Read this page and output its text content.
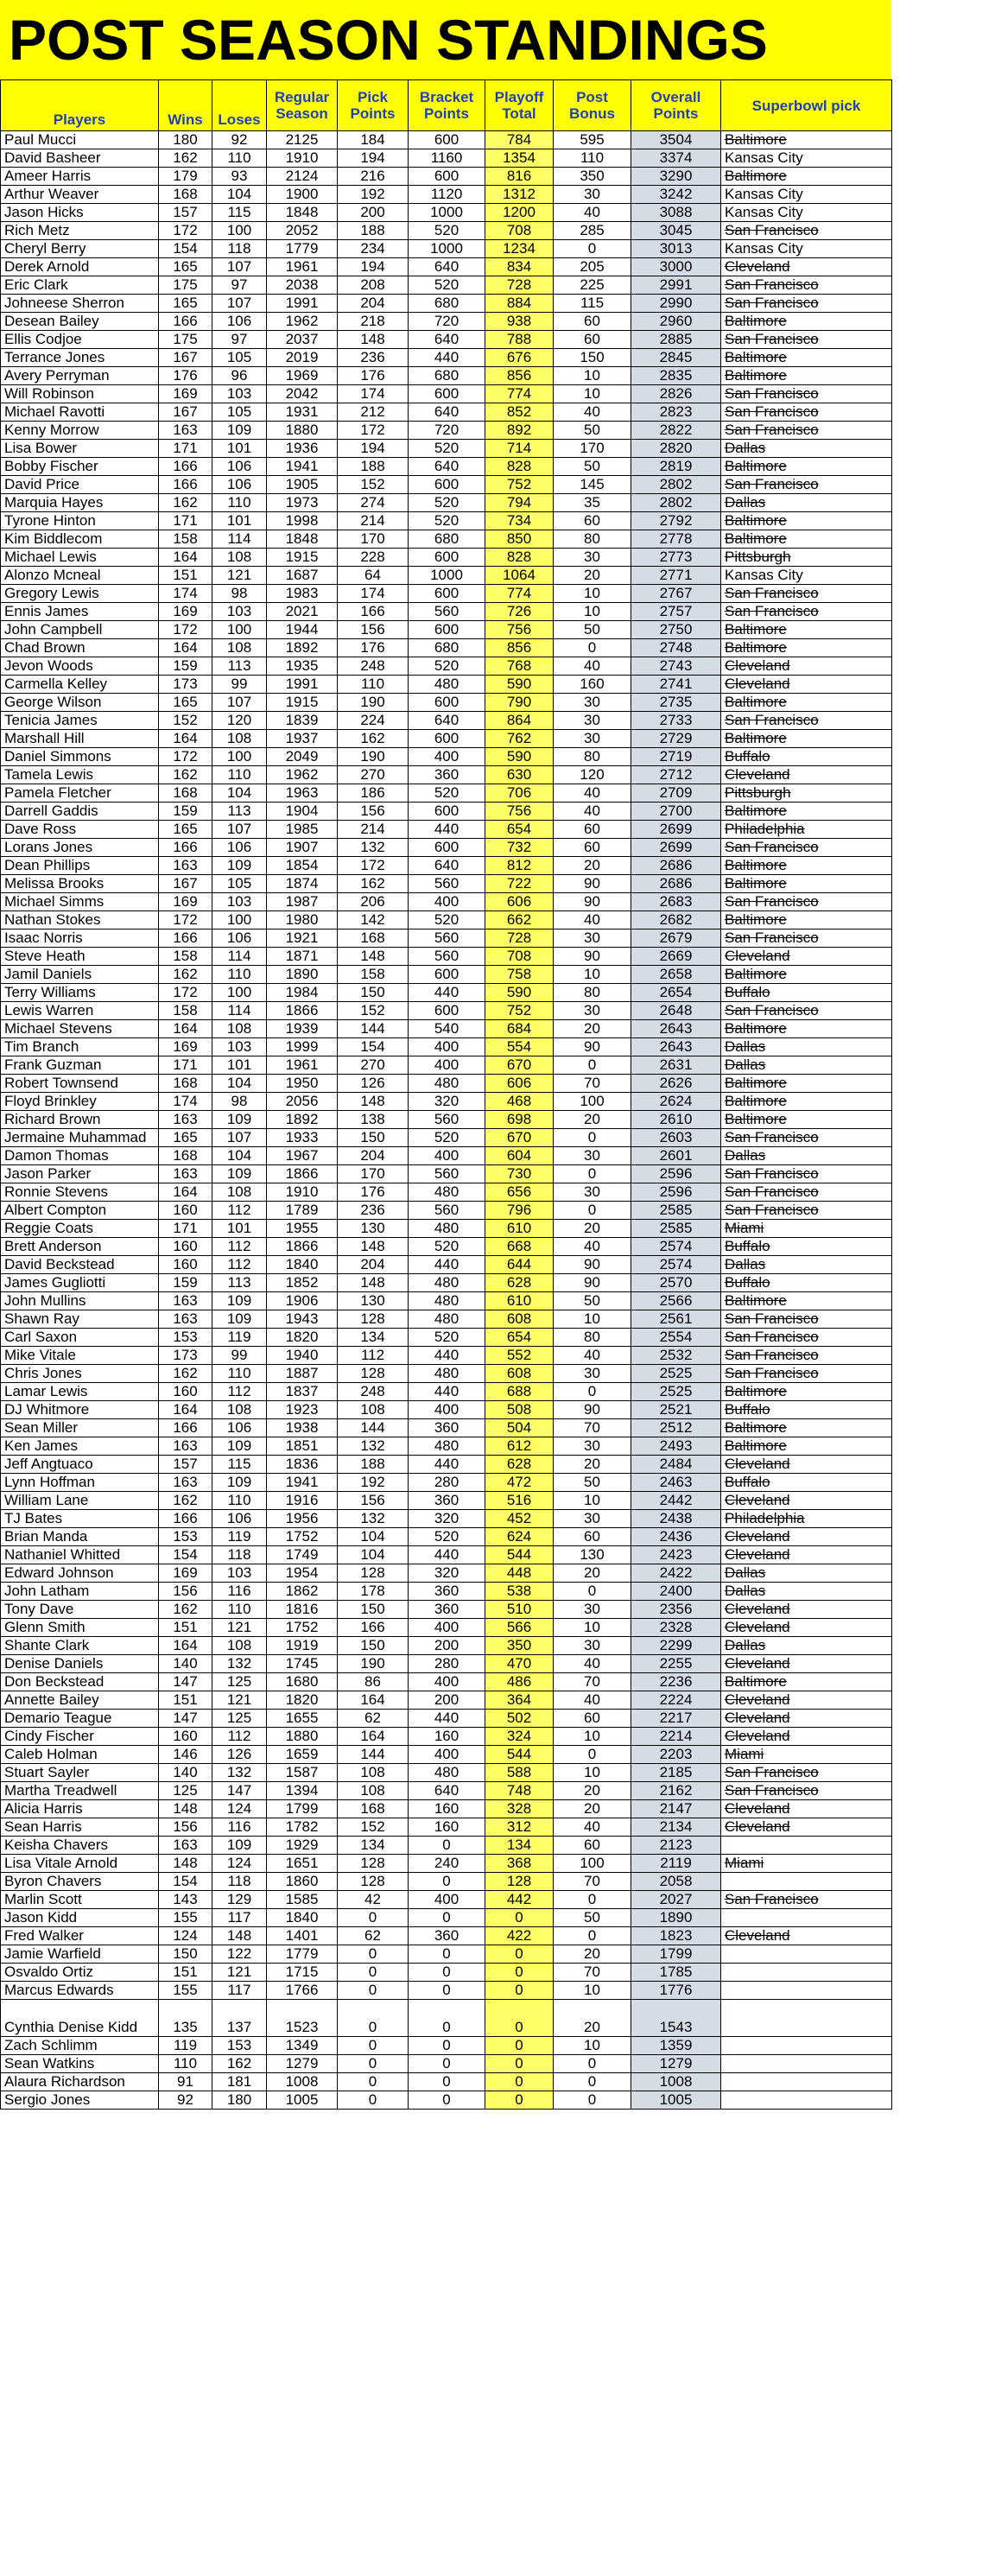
POST SEASON STANDINGS
Players	Wins	Loses	Regular Season	Pick Points	Bracket Points	Playoff Total	Post Bonus	Overall Points	Superbowl pick

Paul Mucci	180	92	2125	184	600	784	595	3504	Baltimore

David Basheer	162	110	1910	194	1160	1354	110	3374	Kansas City

Ameer Harris	179	93	2124	216	600	816	350	3290	Baltimore

Arthur Weaver	168	104	1900	192	1120	1312	30	3242	Kansas City

Jason Hicks	157	115	1848	200	1000	1200	40	3088	Kansas City

Rich Metz	172	100	2052	188	520	708	285	3045	San Francisco

Cheryl Berry	154	118	1779	234	1000	1234	0	3013	Kansas City

Derek Arnold	165	107	1961	194	640	834	205	3000	Cleveland

Eric Clark	175	97	2038	208	520	728	225	2991	San Francisco

Johneese Sherron	165	107	1991	204	680	884	115	2990	San Francisco

Desean Bailey	166	106	1962	218	720	938	60	2960	Baltimore

Ellis Codjoe	175	97	2037	148	640	788	60	2885	San Francisco

Terrance Jones	167	105	2019	236	440	676	150	2845	Baltimore

Avery Perryman	176	96	1969	176	680	856	10	2835	Baltimore

Will Robinson	169	103	2042	174	600	774	10	2826	San Francisco

Michael Ravotti	167	105	1931	212	640	852	40	2823	San Francisco

Kenny Morrow	163	109	1880	172	720	892	50	2822	San Francisco

Lisa Bower	171	101	1936	194	520	714	170	2820	Dallas

Bobby Fischer	166	106	1941	188	640	828	50	2819	Baltimore

David Price	166	106	1905	152	600	752	145	2802	San Francisco

Marquia Hayes	162	110	1973	274	520	794	35	2802	Dallas

Tyrone Hinton	171	101	1998	214	520	734	60	2792	Baltimore

Kim Biddlecom	158	114	1848	170	680	850	80	2778	Baltimore

Michael Lewis	164	108	1915	228	600	828	30	2773	Pittsburgh

Alonzo Mcneal	151	121	1687	64	1000	1064	20	2771	Kansas City

Gregory Lewis	174	98	1983	174	600	774	10	2767	San Francisco

Ennis James	169	103	2021	166	560	726	10	2757	San Francisco

John Campbell	172	100	1944	156	600	756	50	2750	Baltimore

Chad Brown	164	108	1892	176	680	856	0	2748	Baltimore

Jevon Woods	159	113	1935	248	520	768	40	2743	Cleveland

Carmella Kelley	173	99	1991	110	480	590	160	2741	Cleveland

George Wilson	165	107	1915	190	600	790	30	2735	Baltimore

Tenicia James	152	120	1839	224	640	864	30	2733	San Francisco

Marshall Hill	164	108	1937	162	600	762	30	2729	Baltimore

Daniel Simmons	172	100	2049	190	400	590	80	2719	Buffalo

Tamela Lewis	162	110	1962	270	360	630	120	2712	Cleveland

Pamela Fletcher	168	104	1963	186	520	706	40	2709	Pittsburgh

Darrell Gaddis	159	113	1904	156	600	756	40	2700	Baltimore

Dave Ross	165	107	1985	214	440	654	60	2699	Philadelphia

Lorans Jones	166	106	1907	132	600	732	60	2699	San Francisco

Dean Phillips	163	109	1854	172	640	812	20	2686	Baltimore

Melissa Brooks	167	105	1874	162	560	722	90	2686	Baltimore

Michael Simms	169	103	1987	206	400	606	90	2683	San Francisco

Nathan Stokes	172	100	1980	142	520	662	40	2682	Baltimore

Isaac Norris	166	106	1921	168	560	728	30	2679	San Francisco

Steve Heath	158	114	1871	148	560	708	90	2669	Cleveland

Jamil Daniels	162	110	1890	158	600	758	10	2658	Baltimore

Terry Williams	172	100	1984	150	440	590	80	2654	Buffalo

Lewis Warren	158	114	1866	152	600	752	30	2648	San Francisco

Michael Stevens	164	108	1939	144	540	684	20	2643	Baltimore

Tim Branch	169	103	1999	154	400	554	90	2643	Dallas

Frank Guzman	171	101	1961	270	400	670	0	2631	Dallas

Robert Townsend	168	104	1950	126	480	606	70	2626	Baltimore

Floyd Brinkley	174	98	2056	148	320	468	100	2624	Baltimore

Richard Brown	163	109	1892	138	560	698	20	2610	Baltimore

Jermaine Muhammad	165	107	1933	150	520	670	0	2603	San Francisco

Damon Thomas	168	104	1967	204	400	604	30	2601	Dallas

Jason Parker	163	109	1866	170	560	730	0	2596	San Francisco

Ronnie Stevens	164	108	1910	176	480	656	30	2596	San Francisco

Albert Compton	160	112	1789	236	560	796	0	2585	San Francisco

Reggie Coats	171	101	1955	130	480	610	20	2585	Miami

Brett Anderson	160	112	1866	148	520	668	40	2574	Buffalo

David Beckstead	160	112	1840	204	440	644	90	2574	Dallas

James Gugliotti	159	113	1852	148	480	628	90	2570	Buffalo

John Mullins	163	109	1906	130	480	610	50	2566	Baltimore

Shawn Ray	163	109	1943	128	480	608	10	2561	San Francisco

Carl Saxon	153	119	1820	134	520	654	80	2554	San Francisco

Mike Vitale	173	99	1940	112	440	552	40	2532	San Francisco

Chris Jones	162	110	1887	128	480	608	30	2525	San Francisco

Lamar Lewis	160	112	1837	248	440	688	0	2525	Baltimore

DJ Whitmore	164	108	1923	108	400	508	90	2521	Buffalo

Sean Miller	166	106	1938	144	360	504	70	2512	Baltimore

Ken James	163	109	1851	132	480	612	30	2493	Baltimore

Jeff Angtuaco	157	115	1836	188	440	628	20	2484	Cleveland

Lynn Hoffman	163	109	1941	192	280	472	50	2463	Buffalo

William Lane	162	110	1916	156	360	516	10	2442	Cleveland

TJ Bates	166	106	1956	132	320	452	30	2438	Philadelphia

Brian Manda	153	119	1752	104	520	624	60	2436	Cleveland

Nathaniel Whitted	154	118	1749	104	440	544	130	2423	Cleveland

Edward Johnson	169	103	1954	128	320	448	20	2422	Dallas

John Latham	156	116	1862	178	360	538	0	2400	Dallas

Tony Dave	162	110	1816	150	360	510	30	2356	Cleveland

Glenn Smith	151	121	1752	166	400	566	10	2328	Cleveland

Shante Clark	164	108	1919	150	200	350	30	2299	Dallas

Denise Daniels	140	132	1745	190	280	470	40	2255	Cleveland

Don Beckstead	147	125	1680	86	400	486	70	2236	Baltimore

Annette Bailey	151	121	1820	164	200	364	40	2224	Cleveland

Demario Teague	147	125	1655	62	440	502	60	2217	Cleveland

Cindy Fischer	160	112	1880	164	160	324	10	2214	Cleveland

Caleb Holman	146	126	1659	144	400	544	0	2203	Miami

Stuart Sayler	140	132	1587	108	480	588	10	2185	San Francisco

Martha Treadwell	125	147	1394	108	640	748	20	2162	San Francisco

Alicia Harris	148	124	1799	168	160	328	20	2147	Cleveland

Sean Harris	156	116	1782	152	160	312	40	2134	Cleveland

Keisha Chavers	163	109	1929	134	0	134	60	2123	

Lisa Vitale Arnold	148	124	1651	128	240	368	100	2119	Miami

Byron Chavers	154	118	1860	128	0	128	70	2058	

Marlin Scott	143	129	1585	42	400	442	0	2027	San Francisco

Jason Kidd	155	117	1840	0	0	0	50	1890	

Fred Walker	124	148	1401	62	360	422	0	1823	Cleveland

Jamie Warfield	150	122	1779	0	0	0	20	1799	

Osvaldo Ortiz	151	121	1715	0	0	0	70	1785	

Marcus Edwards	155	117	1766	0	0	0	10	1776	

Cynthia Denise Kidd	135	137	1523	0	0	0	20	1543	

Zach Schlimm	119	153	1349	0	0	0	10	1359	

Sean Watkins	110	162	1279	0	0	0	0	1279	

Alaura Richardson	91	181	1008	0	0	0	0	1008	

Sergio Jones	92	180	1005	0	0	0	0	1005	
